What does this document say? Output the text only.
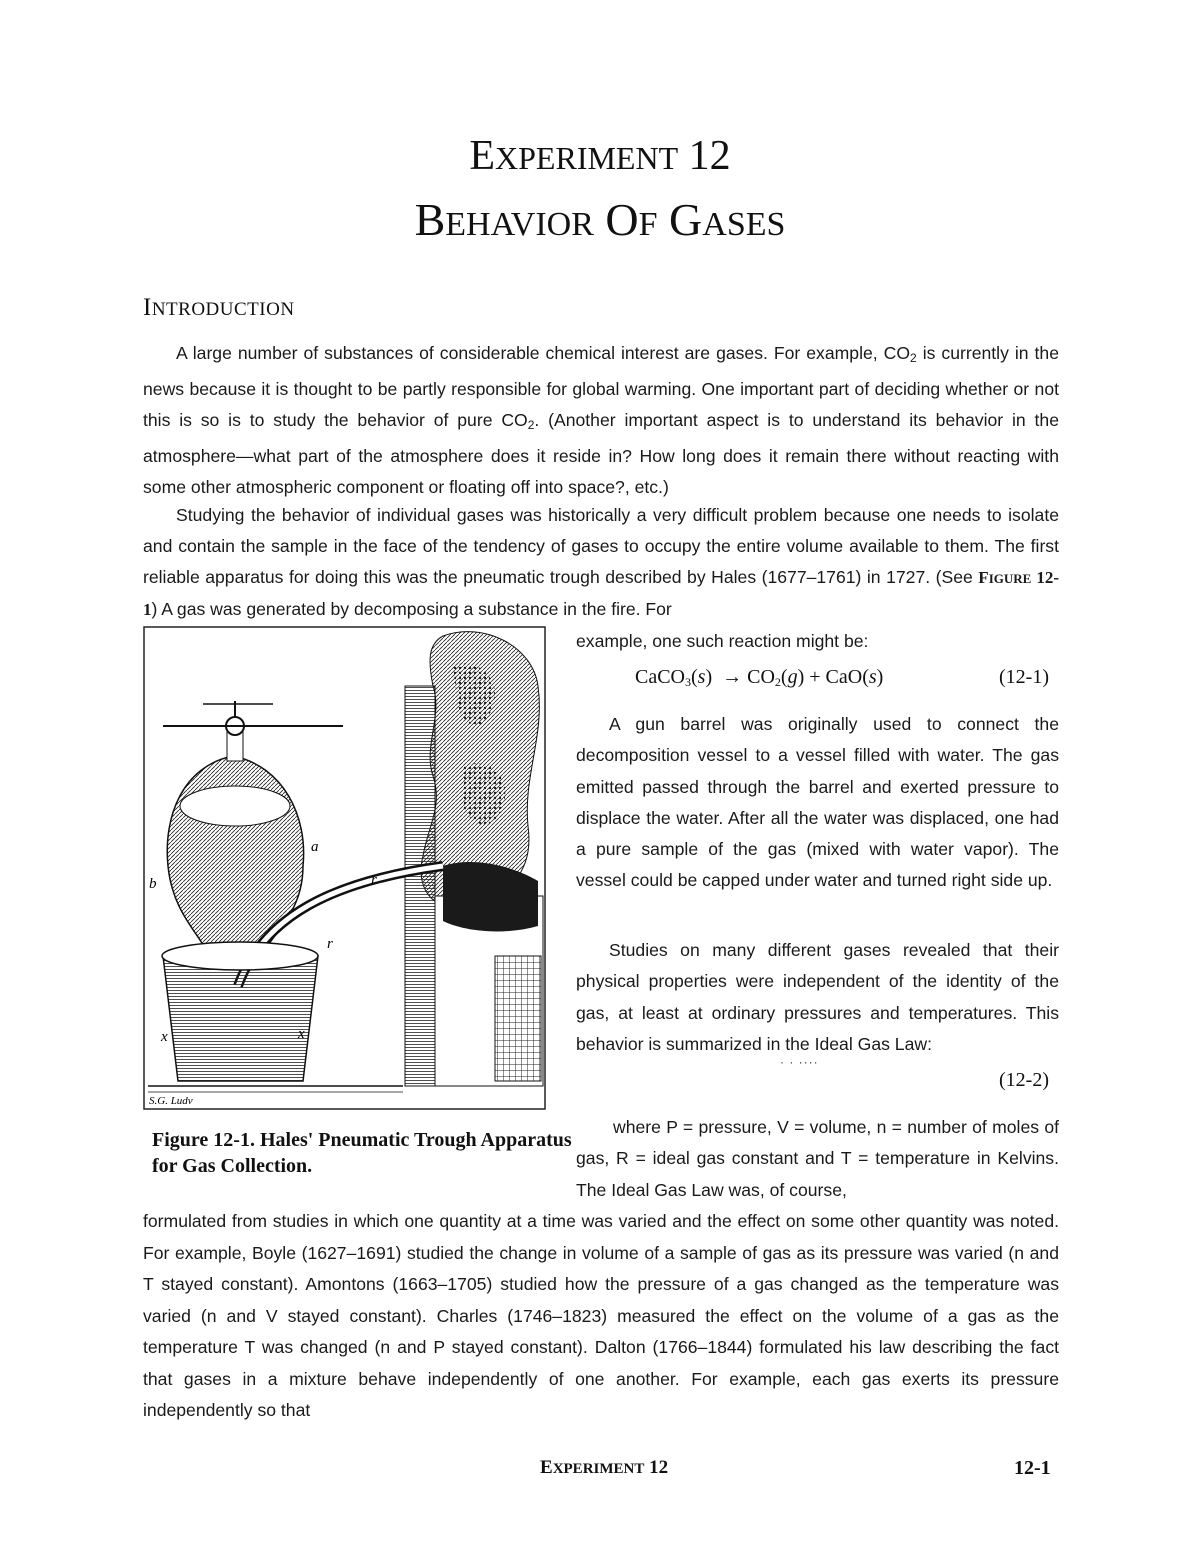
EXPERIMENT 12
BEHAVIOR OF GASES
INTRODUCTION

A large number of substances of considerable chemical interest are gases. For example, CO2 is currently in the news because it is thought to be partly responsible for global warming. One important part of deciding whether or not this is so is to study the behavior of pure CO2. (Another important aspect is to understand its behavior in the atmosphere—what part of the atmosphere does it reside in? How long does it remain there without reacting with some other atmospheric component or floating off into space?, etc.)

Studying the behavior of individual gases was historically a very difficult problem because one needs to isolate and contain the sample in the face of the tendency of gases to occupy the entire volume available to them. The first reliable apparatus for doing this was the pneumatic trough described by Hales (1677–1761) in 1727. (See FIGURE 12-1) A gas was generated by decomposing a substance in the fire. For

a
b	r
r
x	x
S.G. Ludv
example, one such reaction might be:
CaCO3(s)  → CO2(g) + CaO(s)	(12-1)

A gun barrel was originally used to connect the decomposition vessel to a vessel filled with water. The gas emitted passed through the barrel and exerted pressure to displace the water. After all the water was displaced, one had a pure sample of the gas (mixed with water vapor). The vessel could be capped under water and turned right side up.

Studies on many different gases revealed that their physical properties were independent of the identity of the gas, at least at ordinary pressures and temperatures. This behavior is summarized in the Ideal Gas Law:

· · ····
(12-2)

where P = pressure, V = volume, n = number of moles of gas, R = ideal gas constant and T = temperature in Kelvins. The Ideal Gas Law was, of course,

Figure 12-1. Hales' Pneumatic Trough Apparatus for Gas Collection.
formulated from studies in which one quantity at a time was varied and the effect on some other quantity was noted. For example, Boyle (1627–1691) studied the change in volume of a sample of gas as its pressure was varied (n and T stayed constant). Amontons (1663–1705) studied how the pressure of a gas changed as the temperature was varied (n and V stayed constant). Charles (1746–1823) measured the effect on the volume of a gas as the temperature T was changed (n and P stayed constant). Dalton (1766–1844) formulated his law describing the fact that gases in a mixture behave independently of one another. For example, each gas exerts its pressure independently so that
EXPERIMENT 12	12-1
